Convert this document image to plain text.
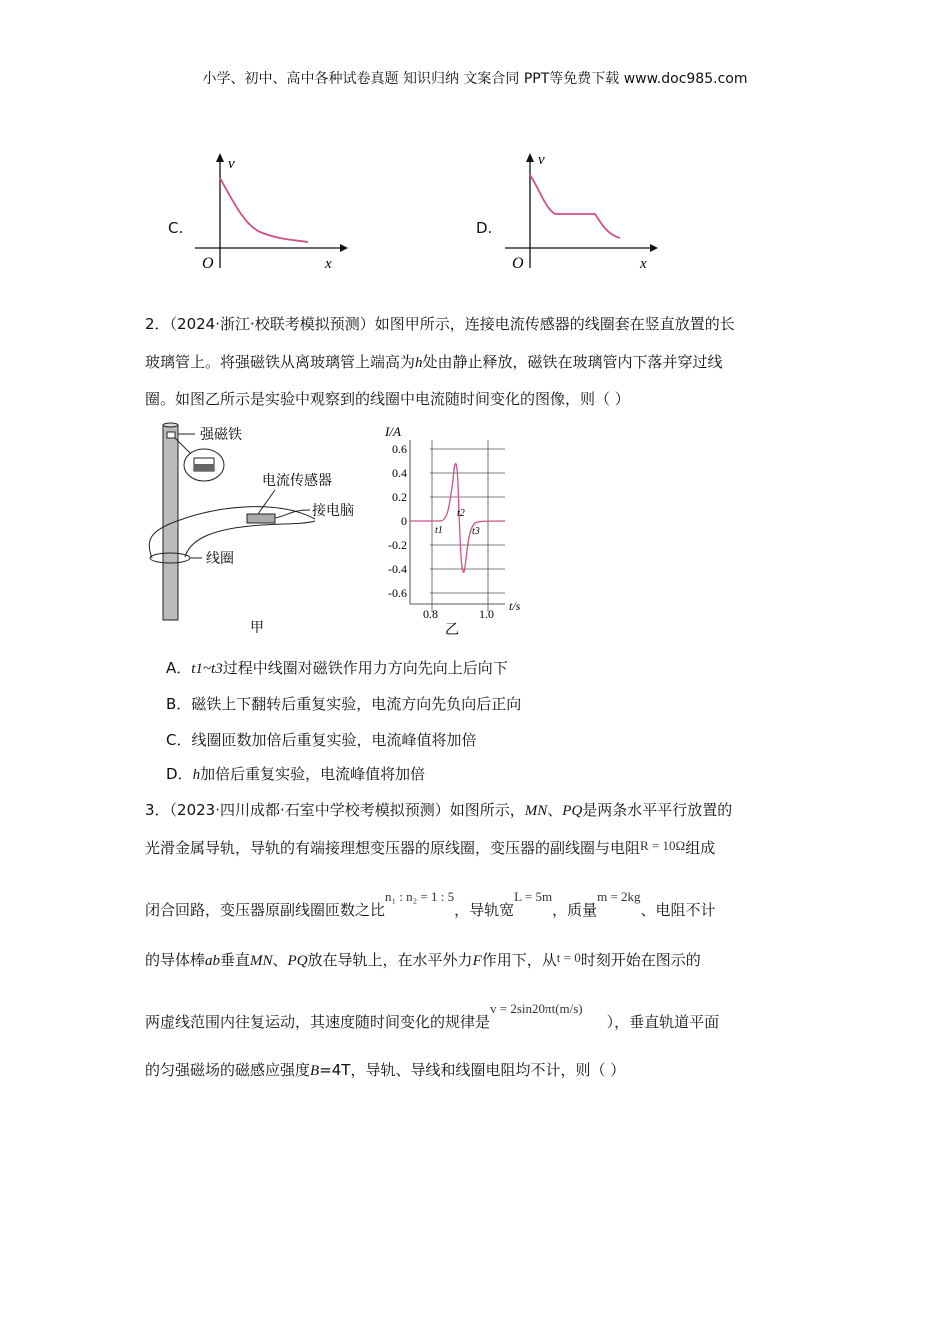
小学、初中、高中各种试卷真题 知识归纳 文案合同 PPT等免费下载 www.doc985.com
C.
v
x
O
D.
v
x
O
2．（2024·浙江·校联考模拟预测）如图甲所示，连接电流传感器的线圈套在竖直放置的长
玻璃管上。将强磁铁从离玻璃管上端高为h处由静止释放，磁铁在玻璃管内下落并穿过线
圈。如图乙所示是实验中观察到的线圈中电流随时间变化的图像，则（ ）
强磁铁
线圈
电流传感器
接电脑
甲
I/A
0.6
0.4
0.2
0
-0.2
-0.4
-0.6
0.8	1.0
t/s
t1
t2
t3
乙
A．t1~t3过程中线圈对磁铁作用力方向先向上后向下
B．磁铁上下翻转后重复实验，电流方向先负向后正向
C．线圈匝数加倍后重复实验，电流峰值将加倍
D．h加倍后重复实验，电流峰值将加倍
3．（2023·四川成都·石室中学校考模拟预测）如图所示，MN、PQ是两条水平平行放置的
光滑金属导轨，导轨的有端接理想变压器的原线圈，变压器的副线圈与电阻R = 10Ω组成
闭合回路，变压器原副线圈匝数之比n₁ : n₂ = 1 : 5，导轨宽L = 5m，质量m = 2kg、电阻不计
的导体棒ab垂直MN、PQ放在导轨上，在水平外力F作用下，从t = 0时刻开始在图示的
两虚线范围内往复运动，其速度随时间变化的规律是v = 2sin20πt(m/s)），垂直轨道平面
的匀强磁场的磁感应强度B=4T，导轨、导线和线圈电阻均不计，则（ ）
